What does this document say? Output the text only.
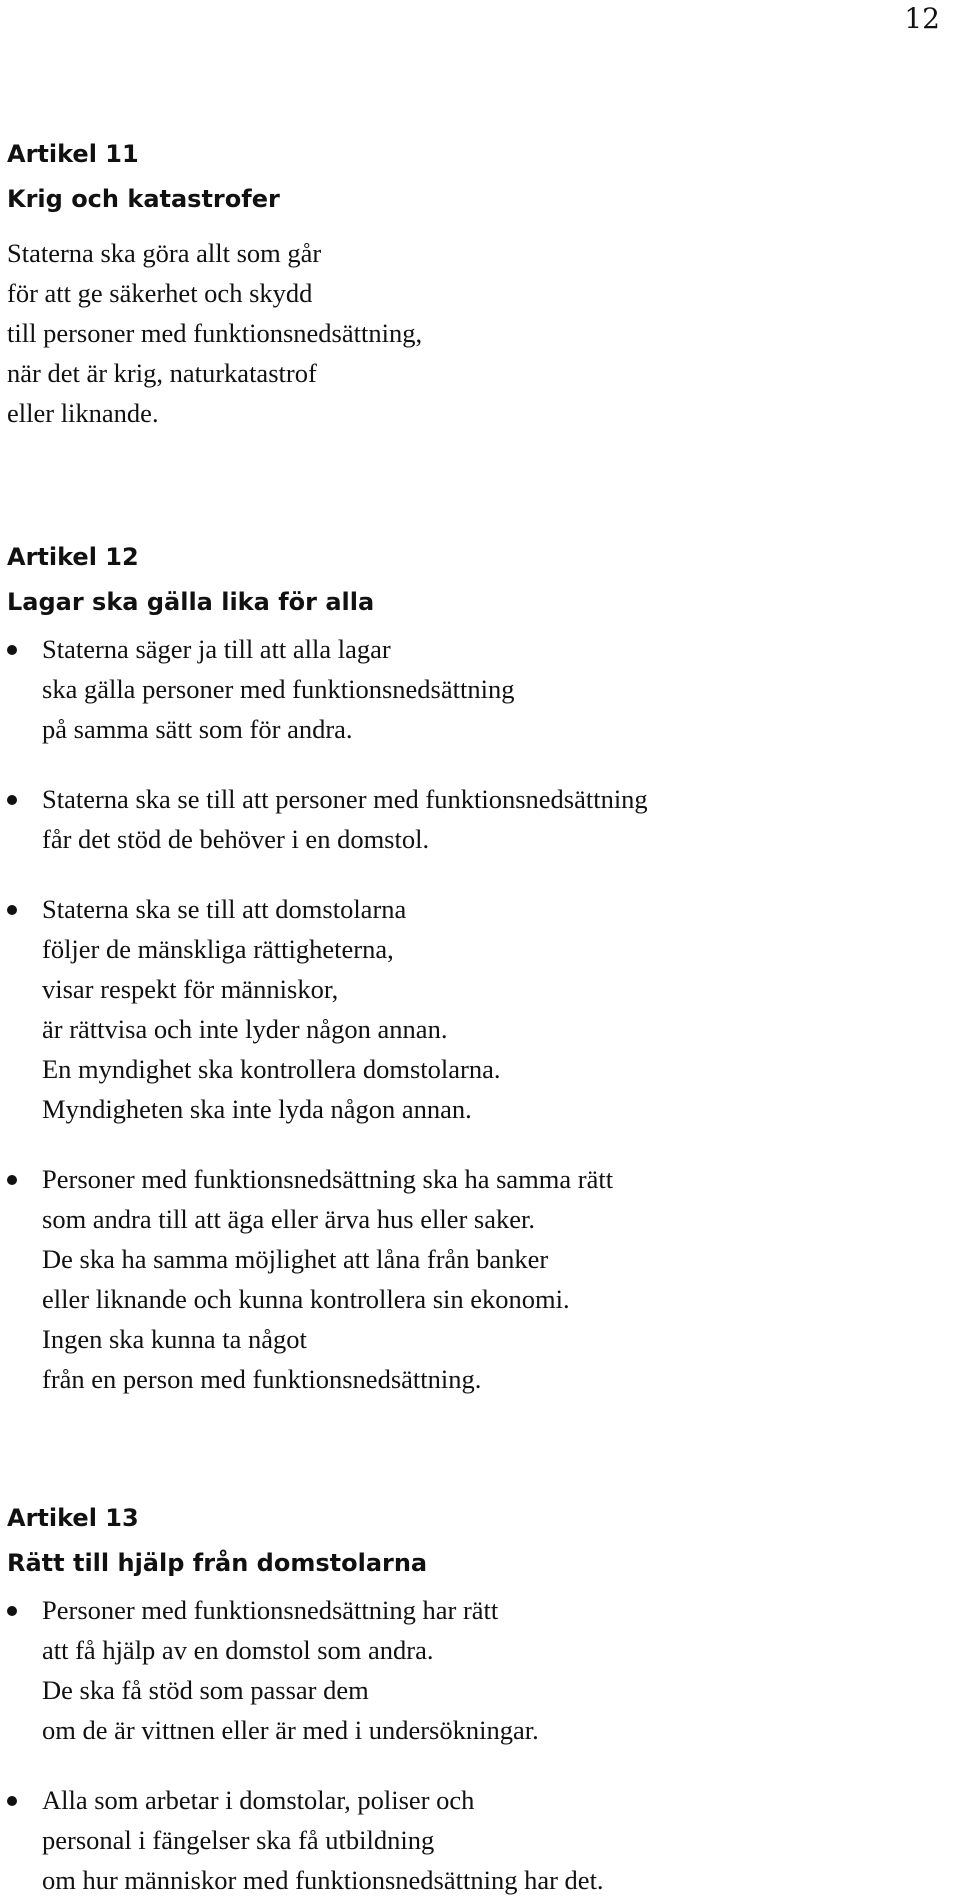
12
Artikel 11
Krig och katastrofer
Staterna ska göra allt som går
för att ge säkerhet och skydd
till personer med funktionsnedsättning,
när det är krig, naturkatastrof
eller liknande.
Artikel 12
Lagar ska gälla lika för alla
Staterna säger ja till att alla lagar
ska gälla personer med funktionsnedsättning
på samma sätt som för andra.
Staterna ska se till att personer med funktionsnedsättning
får det stöd de behöver i en domstol.
Staterna ska se till att domstolarna
följer de mänskliga rättigheterna,
visar respekt för människor,
är rättvisa och inte lyder någon annan.
En myndighet ska kontrollera domstolarna.
Myndigheten ska inte lyda någon annan.
Personer med funktionsnedsättning ska ha samma rätt
som andra till att äga eller ärva hus eller saker.
De ska ha samma möjlighet att låna från banker
eller liknande och kunna kontrollera sin ekonomi.
Ingen ska kunna ta något
från en person med funktionsnedsättning.
Artikel 13
Rätt till hjälp från domstolarna
Personer med funktionsnedsättning har rätt
att få hjälp av en domstol som andra.
De ska få stöd som passar dem
om de är vittnen eller är med i undersökningar.
Alla som arbetar i domstolar, poliser och
personal i fängelser ska få utbildning
om hur människor med funktionsnedsättning har det.
